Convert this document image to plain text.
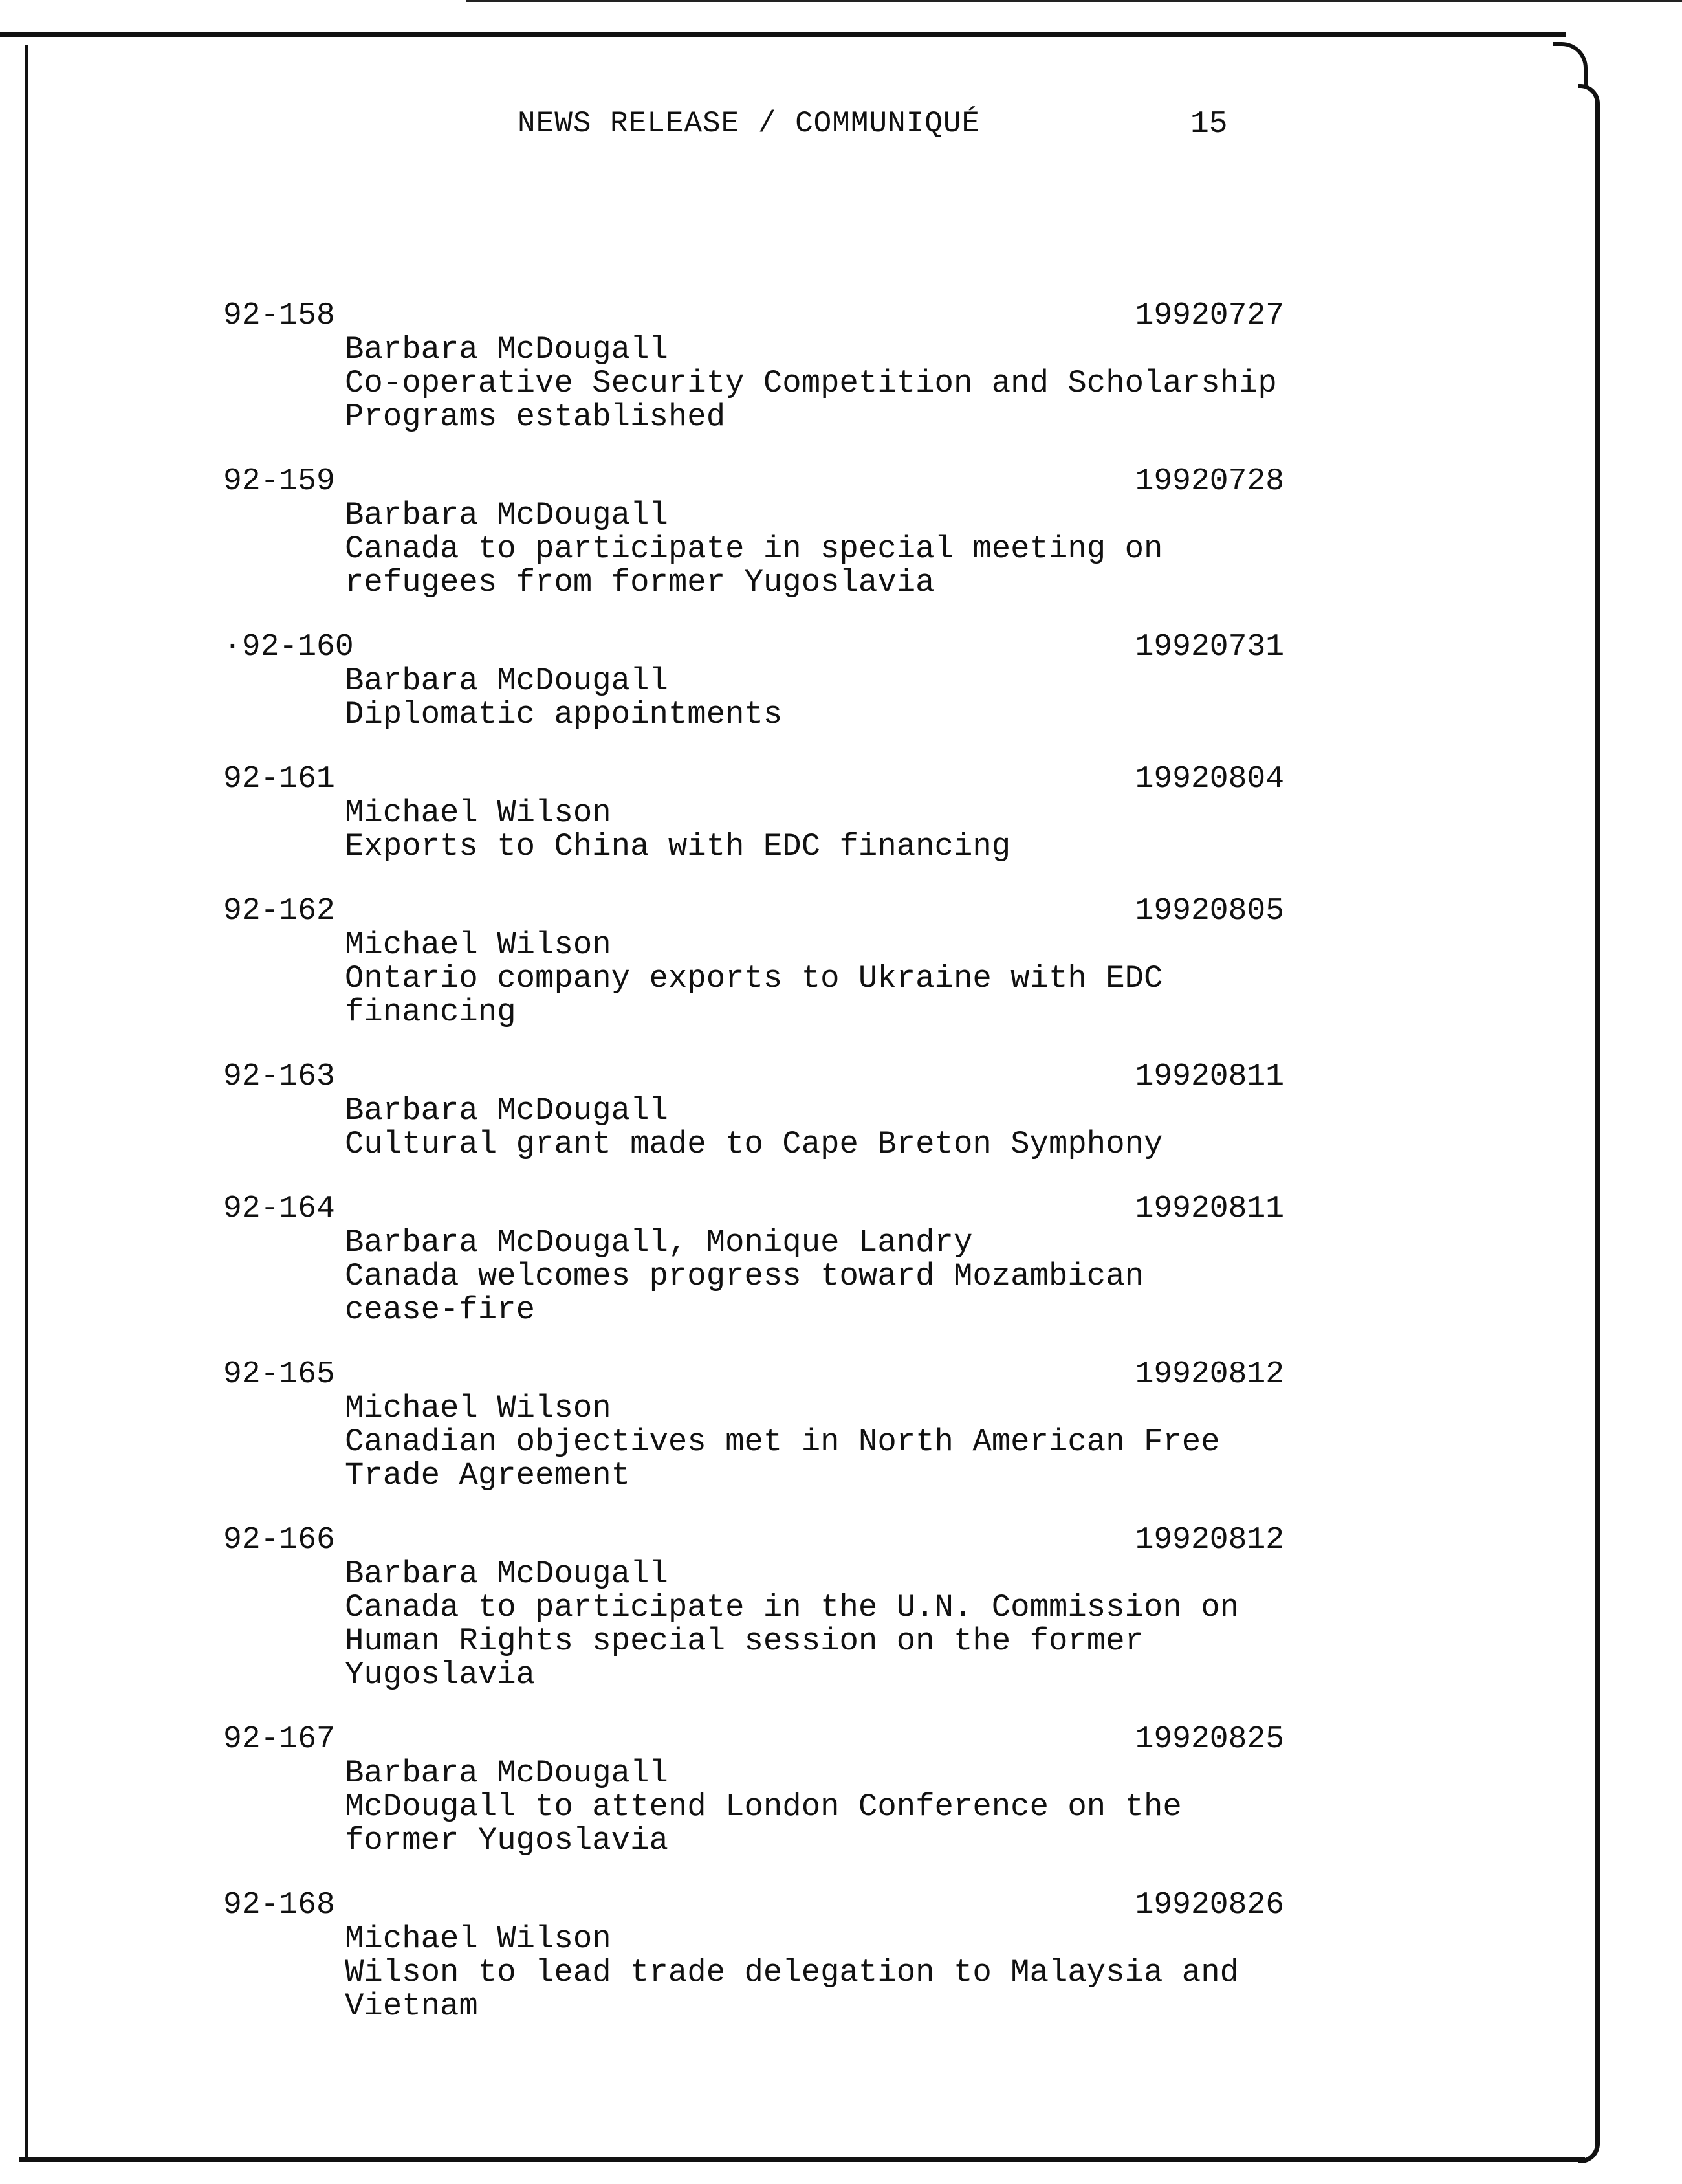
NEWS RELEASE / COMMUNIQUÉ	15
92-158	19920727
Barbara McDougall
Co-operative Security Competition and Scholarship
Programs established
92-159	19920728
Barbara McDougall
Canada to participate in special meeting on
refugees from former Yugoslavia
·92-160	19920731
Barbara McDougall
Diplomatic appointments
92-161	19920804
Michael Wilson
Exports to China with EDC financing
92-162	19920805
Michael Wilson
Ontario company exports to Ukraine with EDC
financing
92-163	19920811
Barbara McDougall
Cultural grant made to Cape Breton Symphony
92-164	19920811
Barbara McDougall, Monique Landry
Canada welcomes progress toward Mozambican
cease-fire
92-165	19920812
Michael Wilson
Canadian objectives met in North American Free
Trade Agreement
92-166	19920812
Barbara McDougall
Canada to participate in the U.N. Commission on
Human Rights special session on the former
Yugoslavia
92-167	19920825
Barbara McDougall
McDougall to attend London Conference on the
former Yugoslavia
92-168	19920826
Michael Wilson
Wilson to lead trade delegation to Malaysia and
Vietnam
